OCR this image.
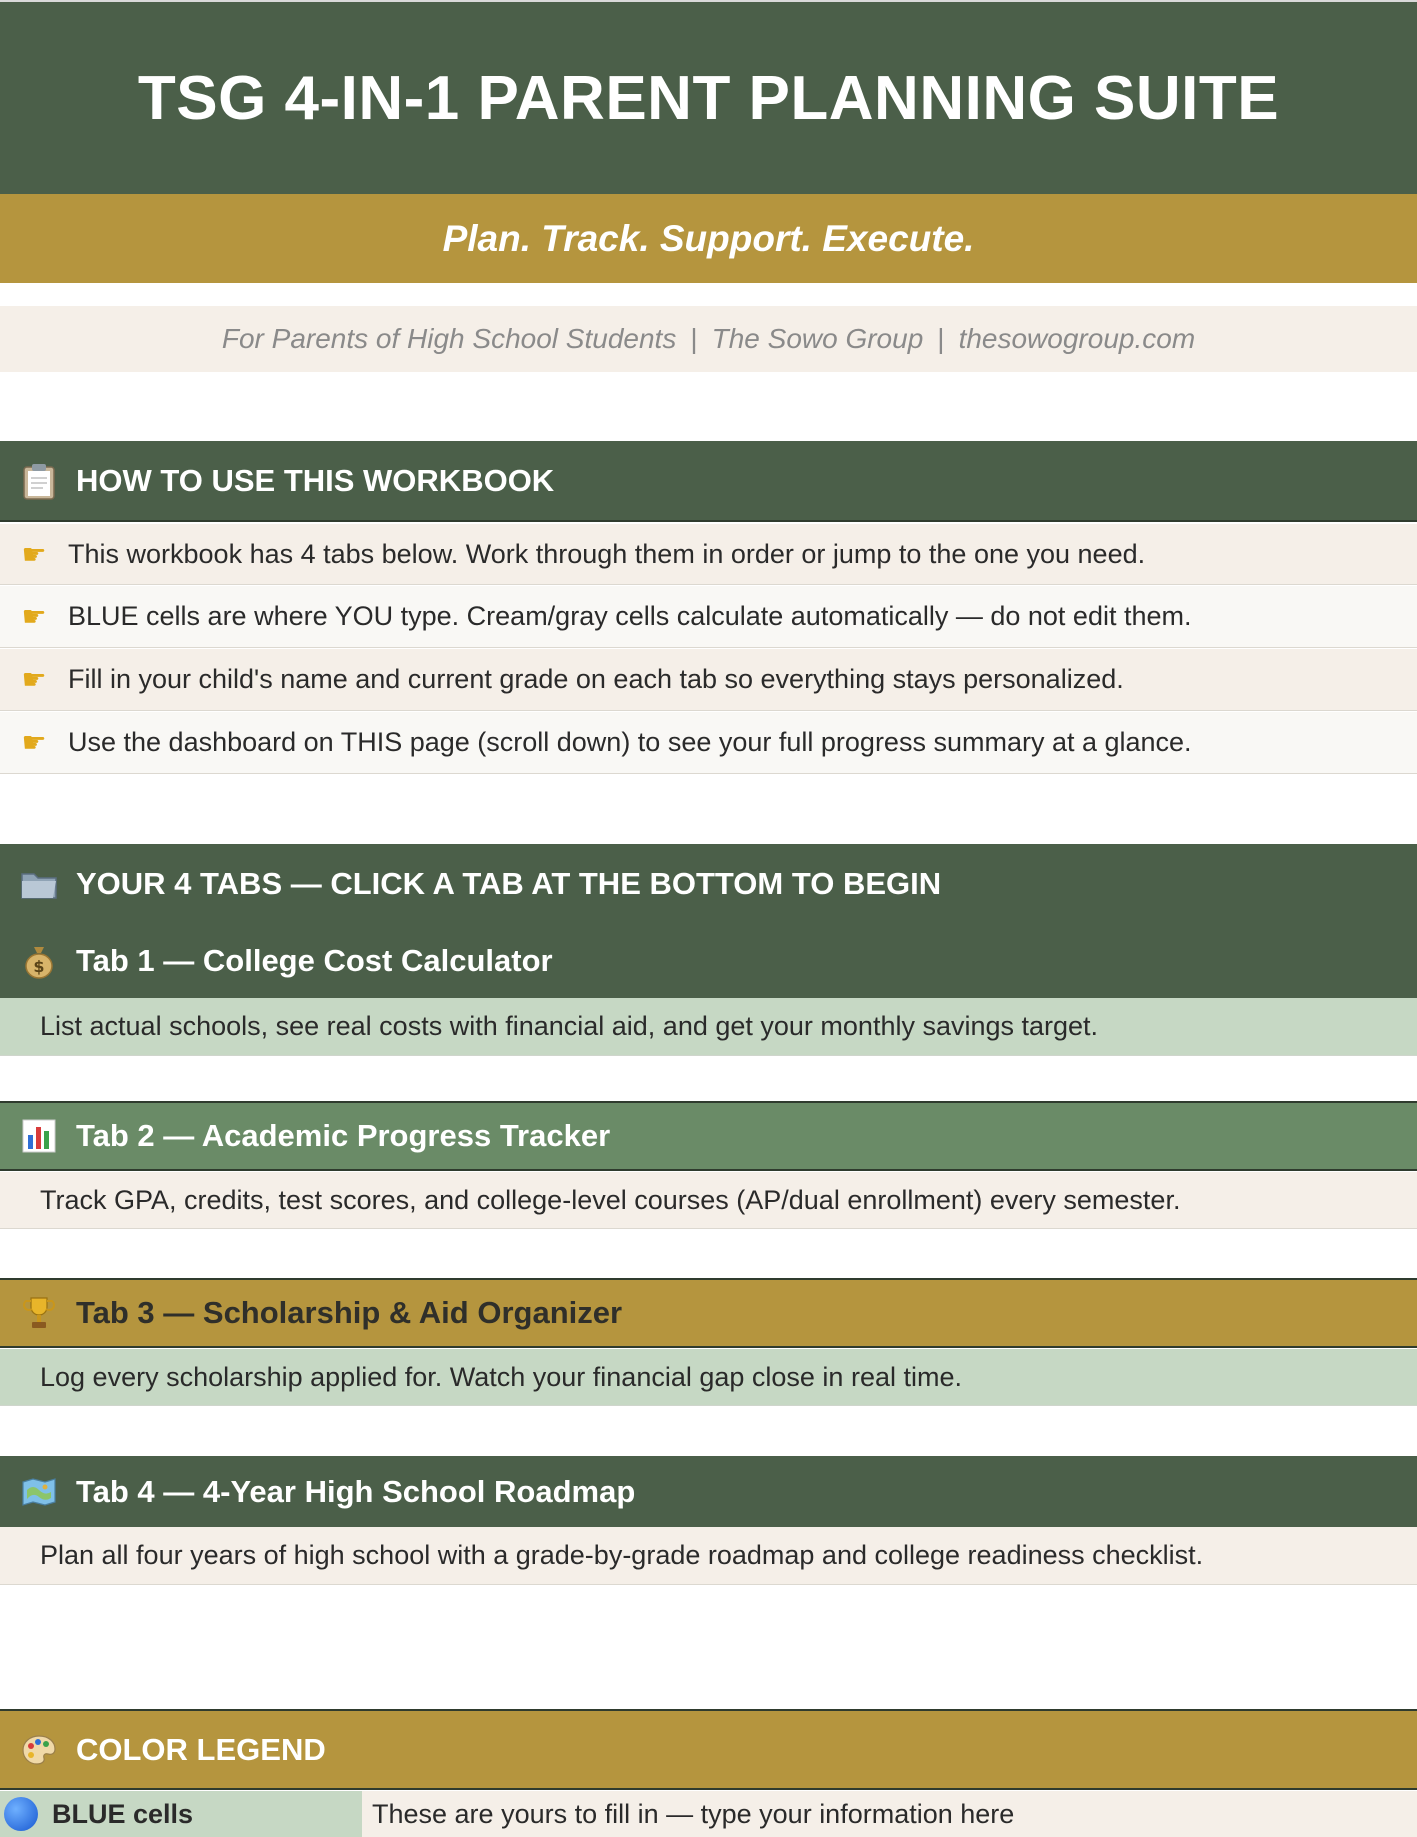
TSG 4-IN-1 PARENT PLANNING SUITE
Plan. Track. Support. Execute.
For Parents of High School Students | The Sowo Group | thesowogroup.com
HOW TO USE THIS WORKBOOK
☛ This workbook has 4 tabs below. Work through them in order or jump to the one you need.
☛ BLUE cells are where YOU type. Cream/gray cells calculate automatically — do not edit them.
☛ Fill in your child's name and current grade on each tab so everything stays personalized.
☛ Use the dashboard on THIS page (scroll down) to see your full progress summary at a glance.
YOUR 4 TABS — CLICK A TAB AT THE BOTTOM TO BEGIN
$ Tab 1 — College Cost Calculator
List actual schools, see real costs with financial aid, and get your monthly savings target.
Tab 2 — Academic Progress Tracker
Track GPA, credits, test scores, and college-level courses (AP/dual enrollment) every semester.
Tab 3 — Scholarship & Aid Organizer
Log every scholarship applied for. Watch your financial gap close in real time.
Tab 4 — 4-Year High School Roadmap
Plan all four years of high school with a grade-by-grade roadmap and college readiness checklist.
COLOR LEGEND
BLUE cells	These are yours to fill in — type your information here
